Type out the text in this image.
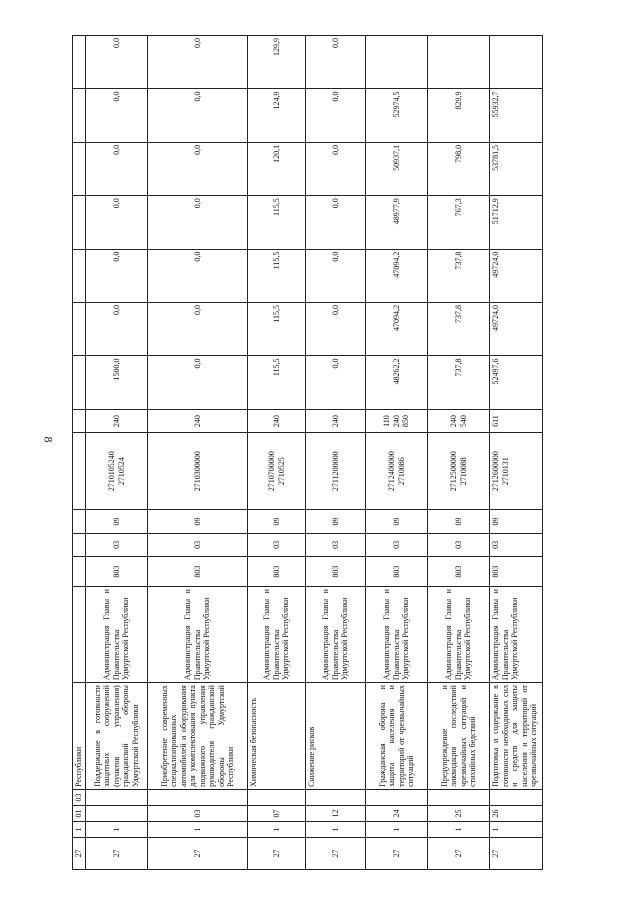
8
27	1	01	03	Республики													
27	1			Поддержание в готовности защитных сооружений (пунктов управления) гражданской обороны Удмуртской Республики	Администрация Главы и Правительства Удмуртской Республики	803	03	09	2710105240 2710524	240	1500,0	0,0	0,0	0,0	0,0	0,0	0,0
27	1	03		Приобретение современных специализированных автомобилей и оборудования для укомплектования пункта подвижного управления руководителя гражданской обороны Удмуртской Республики	Администрация Главы и Правительства Удмуртской Республики	803	03	09	2710300000	240	0,0	0,0	0,0	0,0	0,0	0,0	0,0
27	1	07		Химическая безопасность	Администрация Главы и Правительства Удмуртской Республики	803	03	09	2710700000 2710525	240	115,5	115,5	115,5	115,5	120,1	124,9	129,9
27	1	12		Снижение рисков	Администрация Главы и Правительства Удмуртской Республики	803	03	09	2711200000	240	0,0	0,0	0,0	0,0	0,0	0,0	0,0
27	1	24		Гражданская оборона и защита населения и территорий от чрезвычайных ситуаций	Администрация Главы и Правительства Удмуртской Республики	803	03	09	2712400000 2710086	110 240 850	48262,2	47094,2	47094,2	48977,9	50937,1	52974,5	
27	1	25		Предупреждение и ликвидация последствий чрезвычайных ситуаций и стихийных бедствий	Администрация Главы и Правительства Удмуртской Республики	803	03	09	2712500000 2710088	240 540	737,8	737,8	737,8	767,3	798,0	829,9	
27	1	26		Подготовка и содержание в готовности необходимых сил и средств для защиты населения и территорий от чрезвычайных ситуаций	Администрация Главы и Правительства Удмуртской Республики	803	03	09	2712600000 2710131	611	52497,6	49724,0	49724,0	51712,9	53781,5	55932,7	
